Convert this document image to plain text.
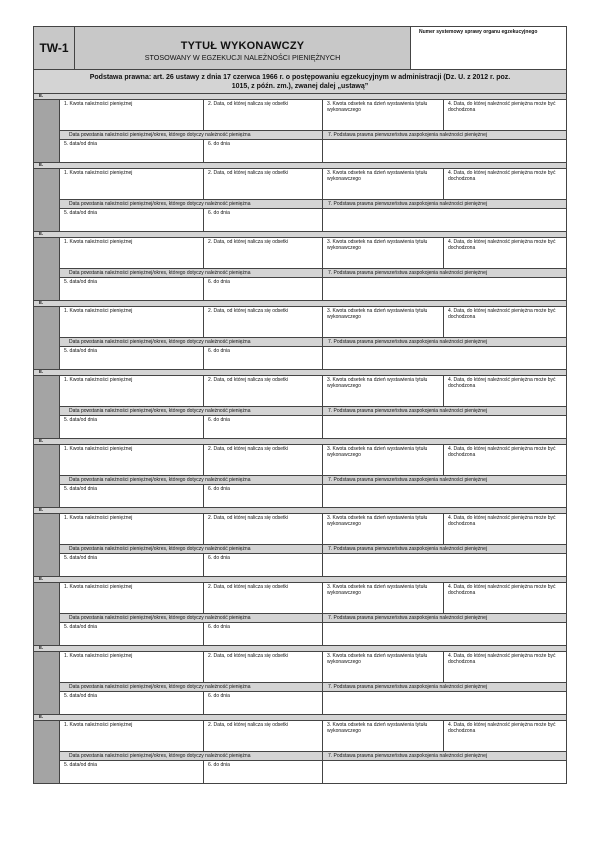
TW-1	TYTUŁ WYKONAWCZY
STOSOWANY W EGZEKUCJI NALEŻNOŚCI PIENIĘŻNYCH
Numer systemowy sprawy organu egzekucyjnego
Podstawa prawna: art. 26 ustawy z dnia 17 czerwca 1966 r. o postępowaniu egzekucyjnym w administracji (Dz. U. z 2012 r. poz.
1015, z późn. zm.), zwanej dalej „ustawą”
E.
1. Kwota należności pieniężnej	2. Data, od której nalicza się odsetki	3. Kwota odsetek na dzień wystawienia tytułu wykonawczego
4. Data, do której należność pieniężna może być dochodzona
Data powstania należności pieniężnej/okres, którego dotyczy należność pieniężna	7. Podstawa prawna pierwszeństwa zaspokojenia należności pieniężnej
5. data/od dnia	6. do dnia
E.
1. Kwota należności pieniężnej	2. Data, od której nalicza się odsetki	3. Kwota odsetek na dzień wystawienia tytułu wykonawczego
4. Data, do której należność pieniężna może być dochodzona
Data powstania należności pieniężnej/okres, którego dotyczy należność pieniężna	7. Podstawa prawna pierwszeństwa zaspokojenia należności pieniężnej
5. data/od dnia	6. do dnia
E.
1. Kwota należności pieniężnej	2. Data, od której nalicza się odsetki	3. Kwota odsetek na dzień wystawienia tytułu wykonawczego
4. Data, do której należność pieniężna może być dochodzona
Data powstania należności pieniężnej/okres, którego dotyczy należność pieniężna	7. Podstawa prawna pierwszeństwa zaspokojenia należności pieniężnej
5. data/od dnia	6. do dnia
E.
1. Kwota należności pieniężnej	2. Data, od której nalicza się odsetki	3. Kwota odsetek na dzień wystawienia tytułu wykonawczego
4. Data, do której należność pieniężna może być dochodzona
Data powstania należności pieniężnej/okres, którego dotyczy należność pieniężna	7. Podstawa prawna pierwszeństwa zaspokojenia należności pieniężnej
5. data/od dnia	6. do dnia
E.
1. Kwota należności pieniężnej	2. Data, od której nalicza się odsetki	3. Kwota odsetek na dzień wystawienia tytułu wykonawczego
4. Data, do której należność pieniężna może być dochodzona
Data powstania należności pieniężnej/okres, którego dotyczy należność pieniężna	7. Podstawa prawna pierwszeństwa zaspokojenia należności pieniężnej
5. data/od dnia	6. do dnia
E.
1. Kwota należności pieniężnej	2. Data, od której nalicza się odsetki	3. Kwota odsetek na dzień wystawienia tytułu wykonawczego
4. Data, do której należność pieniężna może być dochodzona
Data powstania należności pieniężnej/okres, którego dotyczy należność pieniężna	7. Podstawa prawna pierwszeństwa zaspokojenia należności pieniężnej
5. data/od dnia	6. do dnia
E.
1. Kwota należności pieniężnej	2. Data, od której nalicza się odsetki	3. Kwota odsetek na dzień wystawienia tytułu wykonawczego
4. Data, do której należność pieniężna może być dochodzona
Data powstania należności pieniężnej/okres, którego dotyczy należność pieniężna	7. Podstawa prawna pierwszeństwa zaspokojenia należności pieniężnej
5. data/od dnia	6. do dnia
E.
1. Kwota należności pieniężnej	2. Data, od której nalicza się odsetki	3. Kwota odsetek na dzień wystawienia tytułu wykonawczego
4. Data, do której należność pieniężna może być dochodzona
Data powstania należności pieniężnej/okres, którego dotyczy należność pieniężna	7. Podstawa prawna pierwszeństwa zaspokojenia należności pieniężnej
5. data/od dnia	6. do dnia
E.
1. Kwota należności pieniężnej	2. Data, od której nalicza się odsetki	3. Kwota odsetek na dzień wystawienia tytułu wykonawczego
4. Data, do której należność pieniężna może być dochodzona
Data powstania należności pieniężnej/okres, którego dotyczy należność pieniężna	7. Podstawa prawna pierwszeństwa zaspokojenia należności pieniężnej
5. data/od dnia	6. do dnia
E.
1. Kwota należności pieniężnej	2. Data, od której nalicza się odsetki	3. Kwota odsetek na dzień wystawienia tytułu wykonawczego
4. Data, do której należność pieniężna może być dochodzona
Data powstania należności pieniężnej/okres, którego dotyczy należność pieniężna	7. Podstawa prawna pierwszeństwa zaspokojenia należności pieniężnej
5. data/od dnia	6. do dnia
